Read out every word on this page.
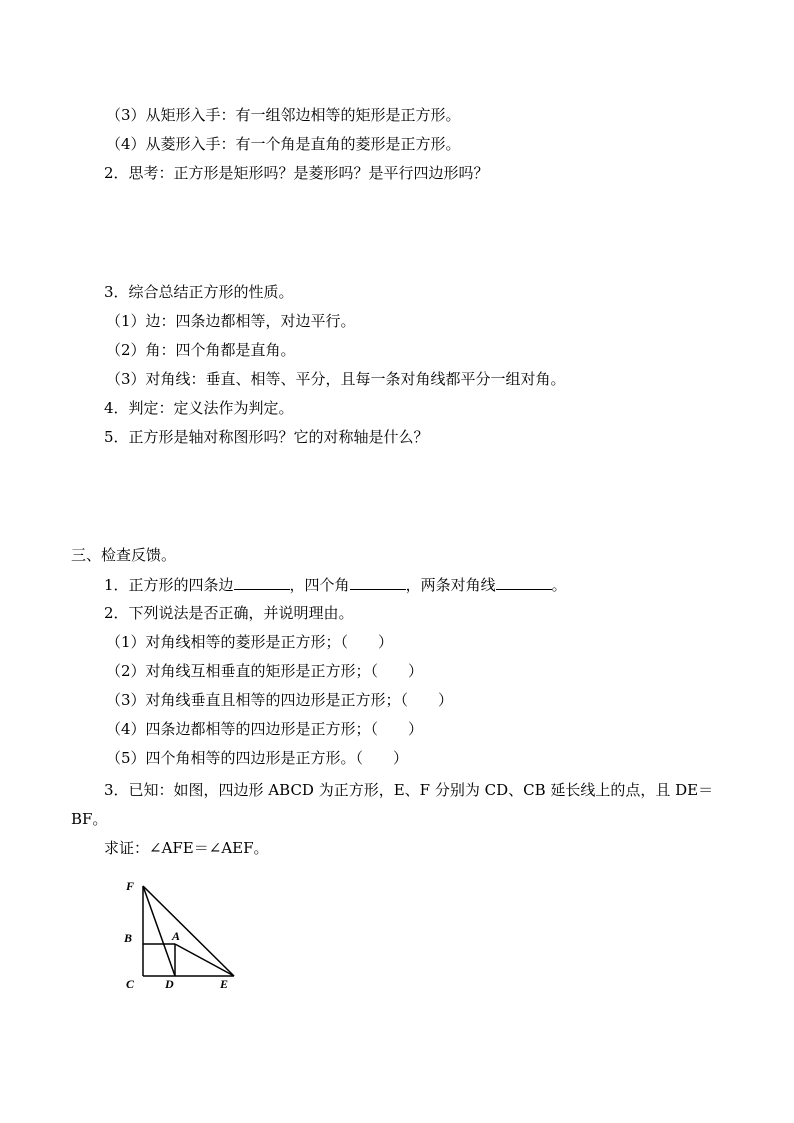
（3）从矩形入手：有一组邻边相等的矩形是正方形。
（4）从菱形入手：有一个角是直角的菱形是正方形。
2．思考：正方形是矩形吗？是菱形吗？是平行四边形吗？
3．综合总结正方形的性质。
（1）边：四条边都相等，对边平行。
（2）角：四个角都是直角。
（3）对角线：垂直、相等、平分，且每一条对角线都平分一组对角。
4．判定：定义法作为判定。
5．正方形是轴对称图形吗？它的对称轴是什么？
三、检查反馈。
1．正方形的四条边	，四个角	，两条对角线	。
2．下列说法是否正确，并说明理由。
（1）对角线相等的菱形是正方形；（　　）
（2）对角线互相垂直的矩形是正方形；（　　）
（3）对角线垂直且相等的四边形是正方形；（　　）
（4）四条边都相等的四边形是正方形；（　　）
（5）四个角相等的四边形是正方形。（　　）
3．已知：如图，四边形 ABCD 为正方形，E、F 分别为 CD、CB 延长线上的点，且 DE＝
BF。
求证：∠AFE＝∠AEF。
F
B	A
C	D	E
